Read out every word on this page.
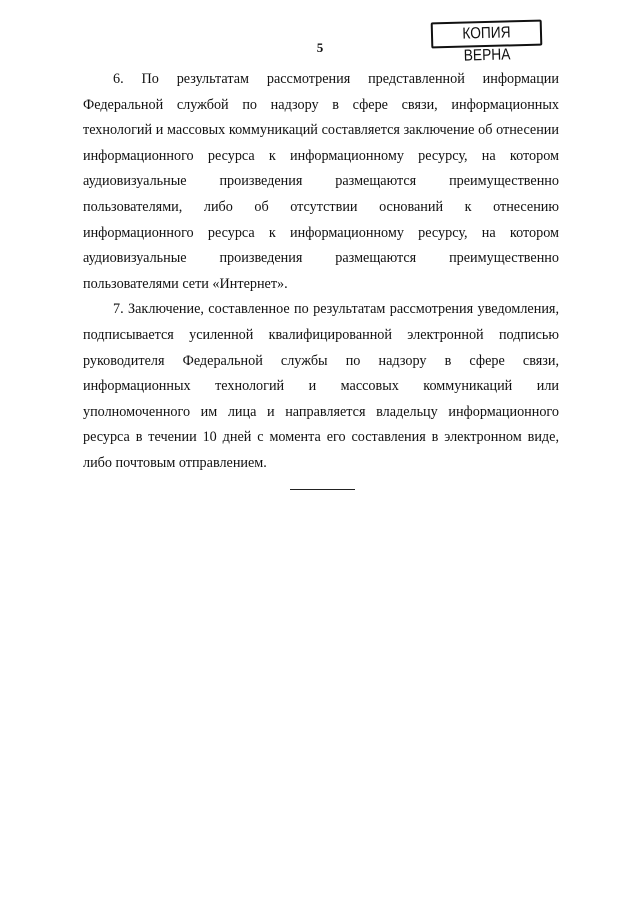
5
КОПИЯ ВЕРНА

6. По результатам рассмотрения представленной информации Федеральной службой по надзору в сфере связи, информационных технологий и массовых коммуникаций составляется заключение об отнесении информационного ресурса к информационному ресурсу, на котором аудиовизуальные произведения размещаются преимущественно пользователями, либо об отсутствии оснований к отнесению информационного ресурса к информационному ресурсу, на котором аудиовизуальные произведения размещаются преимущественно пользователями сети «Интернет».

7. Заключение, составленное по результатам рассмотрения уведомления, подписывается усиленной квалифицированной электронной подписью руководителя Федеральной службы по надзору в сфере связи, информационных технологий и массовых коммуникаций или уполномоченного им лица и направляется владельцу информационного ресурса в течении 10 дней с момента его составления в электронном виде, либо почтовым отправлением.
